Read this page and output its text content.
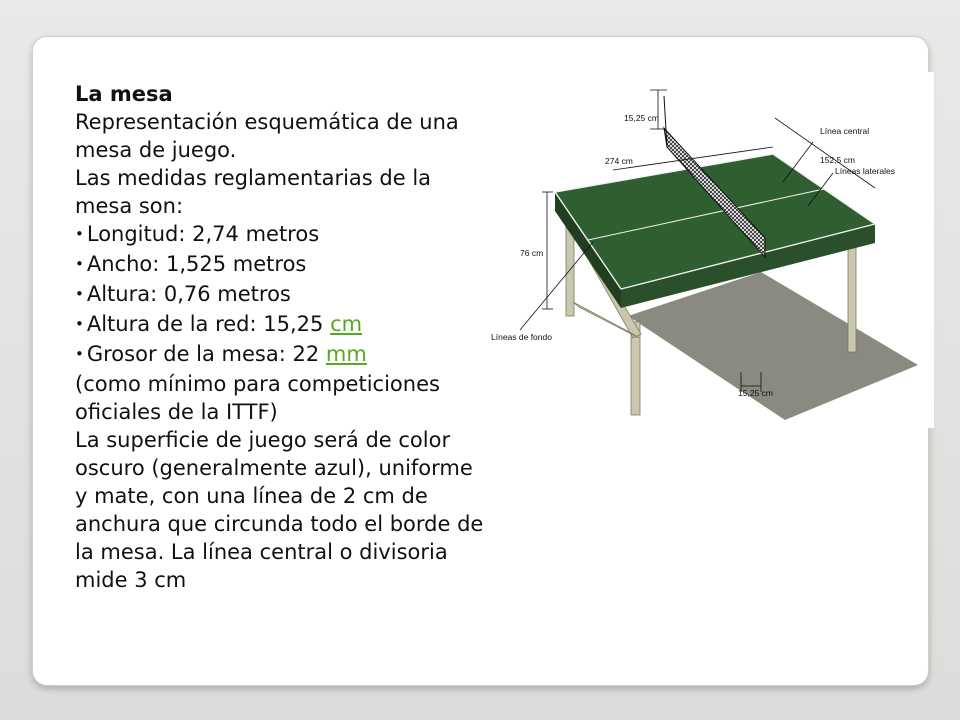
La mesa
Representación esquemática de una mesa de juego.
Las medidas reglamentarias de la mesa son:
• Longitud: 2,74 metros
• Ancho: 1,525 metros
• Altura: 0,76 metros
• Altura de la red: 15,25 cm
• Grosor de la mesa: 22 mm
(como mínimo para competiciones oficiales de la ITTF)
La superficie de juego será de color oscuro (generalmente azul), uniforme y mate, con una línea de 2 cm de anchura que circunda todo el borde de la mesa. La línea central o divisoria mide 3 cm
15,25 cm
274 cm	152,5 cm
76 cm
15,25 cm
Línea central
Líneas laterales
Líneas de fondo
